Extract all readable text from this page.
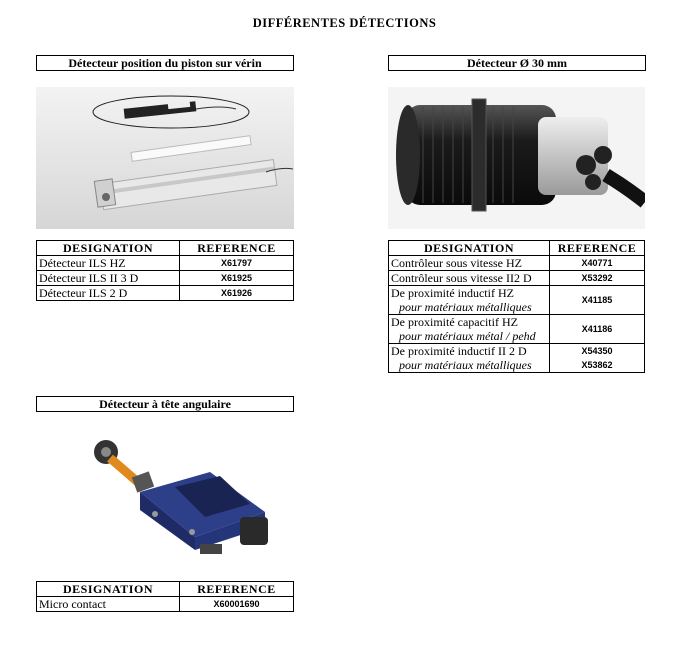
DIFFÉRENTES DÉTECTIONS
Détecteur position du piston sur vérin
DESIGNATION	REFERENCE
Détecteur ILS HZ	X61797
Détecteur ILS II 3 D	X61925
Détecteur ILS 2 D	X61926
Détecteur Ø 30 mm
DESIGNATION	REFERENCE
Contrôleur sous vitesse HZ	X40771
Contrôleur sous vitesse II2 D	X53292
De proximité inductif HZ
pour matériaux métalliques	X41185
De proximité capacitif HZ
pour matériaux métal / pehd	X41186
De proximité inductif II 2 D
pour matériaux métalliques	X54350
X53862
Détecteur à tête angulaire
DESIGNATION	REFERENCE
Micro contact	X60001690
